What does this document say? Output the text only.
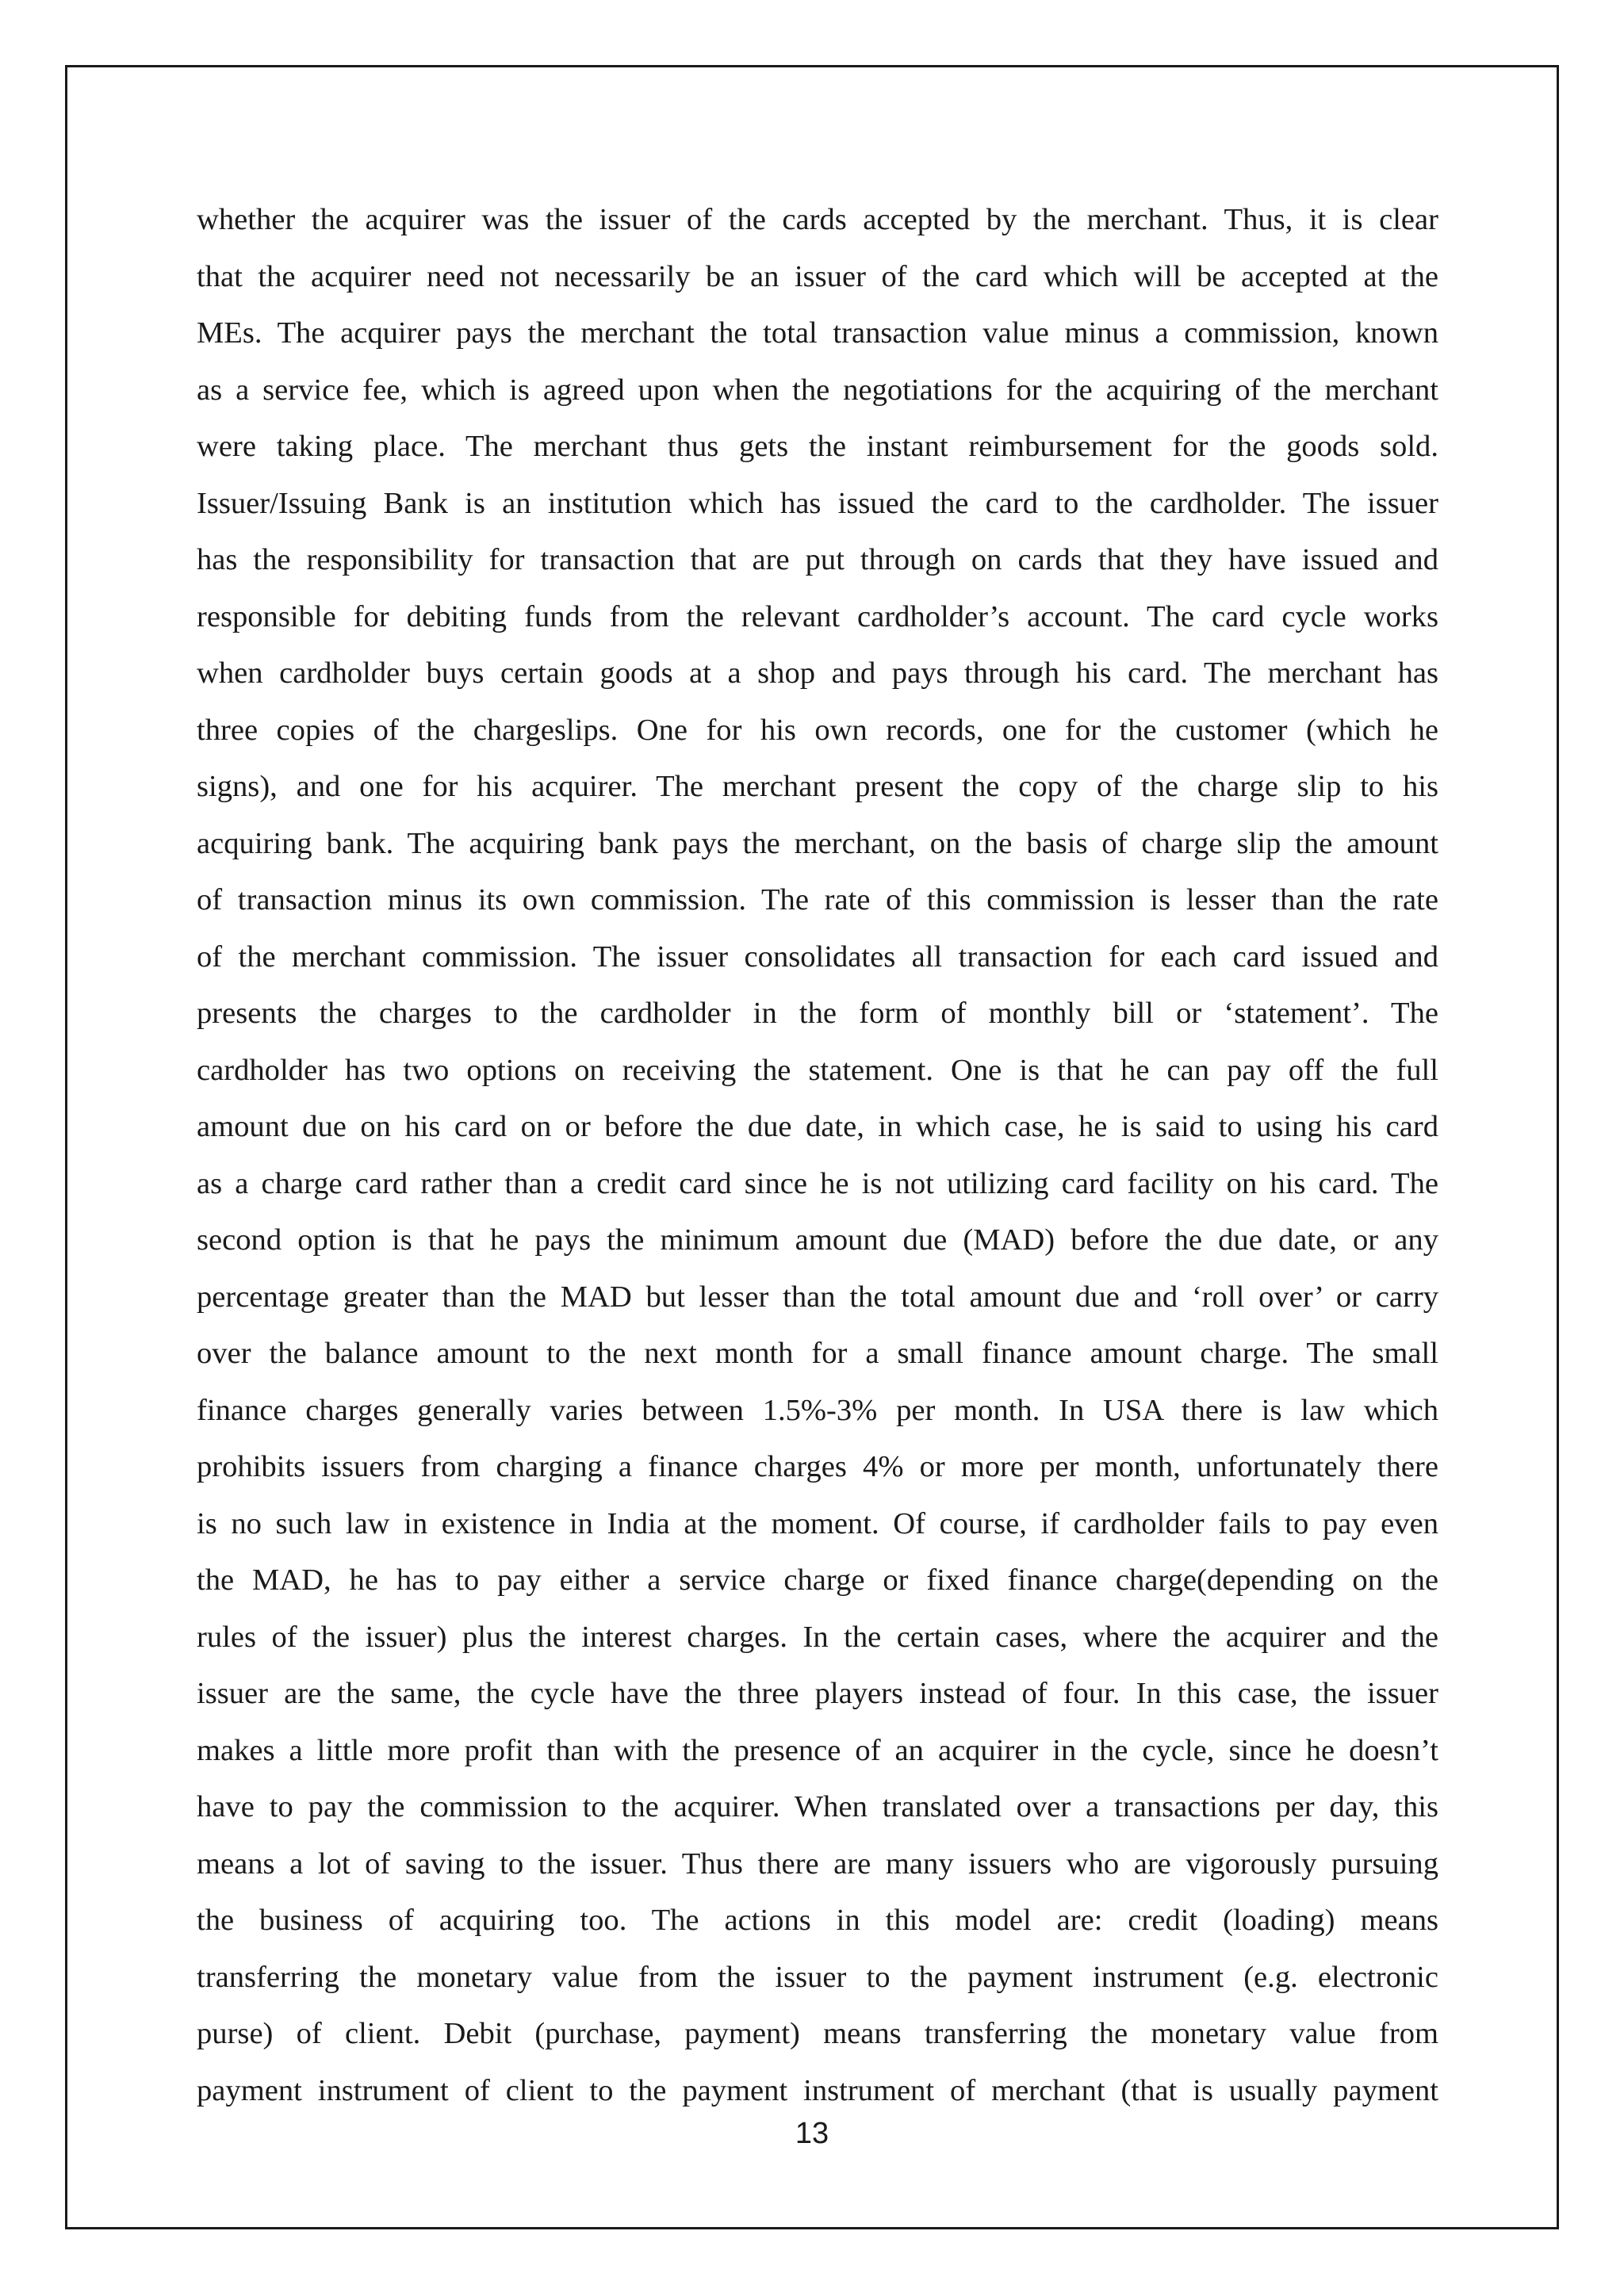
whether the acquirer was the issuer of the cards accepted by the merchant. Thus, it is clear
that the acquirer need not necessarily be an issuer of the card which will be accepted at the
MEs. The acquirer pays the merchant the total transaction value minus a commission, known
as a service fee, which is agreed upon when the negotiations for the acquiring of the merchant
were taking place. The merchant thus gets the instant reimbursement for the goods sold.
Issuer/Issuing Bank is an institution which has issued the card to the cardholder. The issuer
has the responsibility for transaction that are put through on cards that they have issued and
responsible for debiting funds from the relevant cardholder’s account. The card cycle works
when cardholder buys certain goods at a shop and pays through his card. The merchant has
three copies of the chargeslips. One for his own records, one for the customer (which he
signs), and one for his acquirer. The merchant present the copy of the charge slip to his
acquiring bank. The acquiring bank pays the merchant, on the basis of charge slip the amount
of transaction minus its own commission. The rate of this commission is lesser than the rate
of the merchant commission. The issuer consolidates all transaction for each card issued and
presents the charges to the cardholder in the form of monthly bill or ‘statement’. The
cardholder has two options on receiving the statement. One is that he can pay off the full
amount due on his card on or before the due date, in which case, he is said to using his card
as a charge card rather than a credit card since he is not utilizing card facility on his card. The
second option is that he pays the minimum amount due (MAD) before the due date, or any
percentage greater than the MAD but lesser than the total amount due and ‘roll over’ or carry
over the balance amount to the next month for a small finance amount charge. The small
finance charges generally varies between 1.5%-3% per month. In USA there is law which
prohibits issuers from charging a finance charges 4% or more per month, unfortunately there
is no such law in existence in India at the moment. Of course, if cardholder fails to pay even
the MAD, he has to pay either a service charge or fixed finance charge(depending on the
rules of the issuer) plus the interest charges. In the certain cases, where the acquirer and the
issuer are the same, the cycle have the three players instead of four. In this case, the issuer
makes a little more profit than with the presence of an acquirer in the cycle, since he doesn’t
have to pay the commission to the acquirer. When translated over a transactions per day, this
means a lot of saving to the issuer. Thus there are many issuers who are vigorously pursuing
the business of acquiring too. The actions in this model are: credit (loading) means
transferring the monetary value from the issuer to the payment instrument (e.g. electronic
purse) of client. Debit (purchase, payment) means transferring the monetary value from
payment instrument of client to the payment instrument of merchant (that is usually payment
13
